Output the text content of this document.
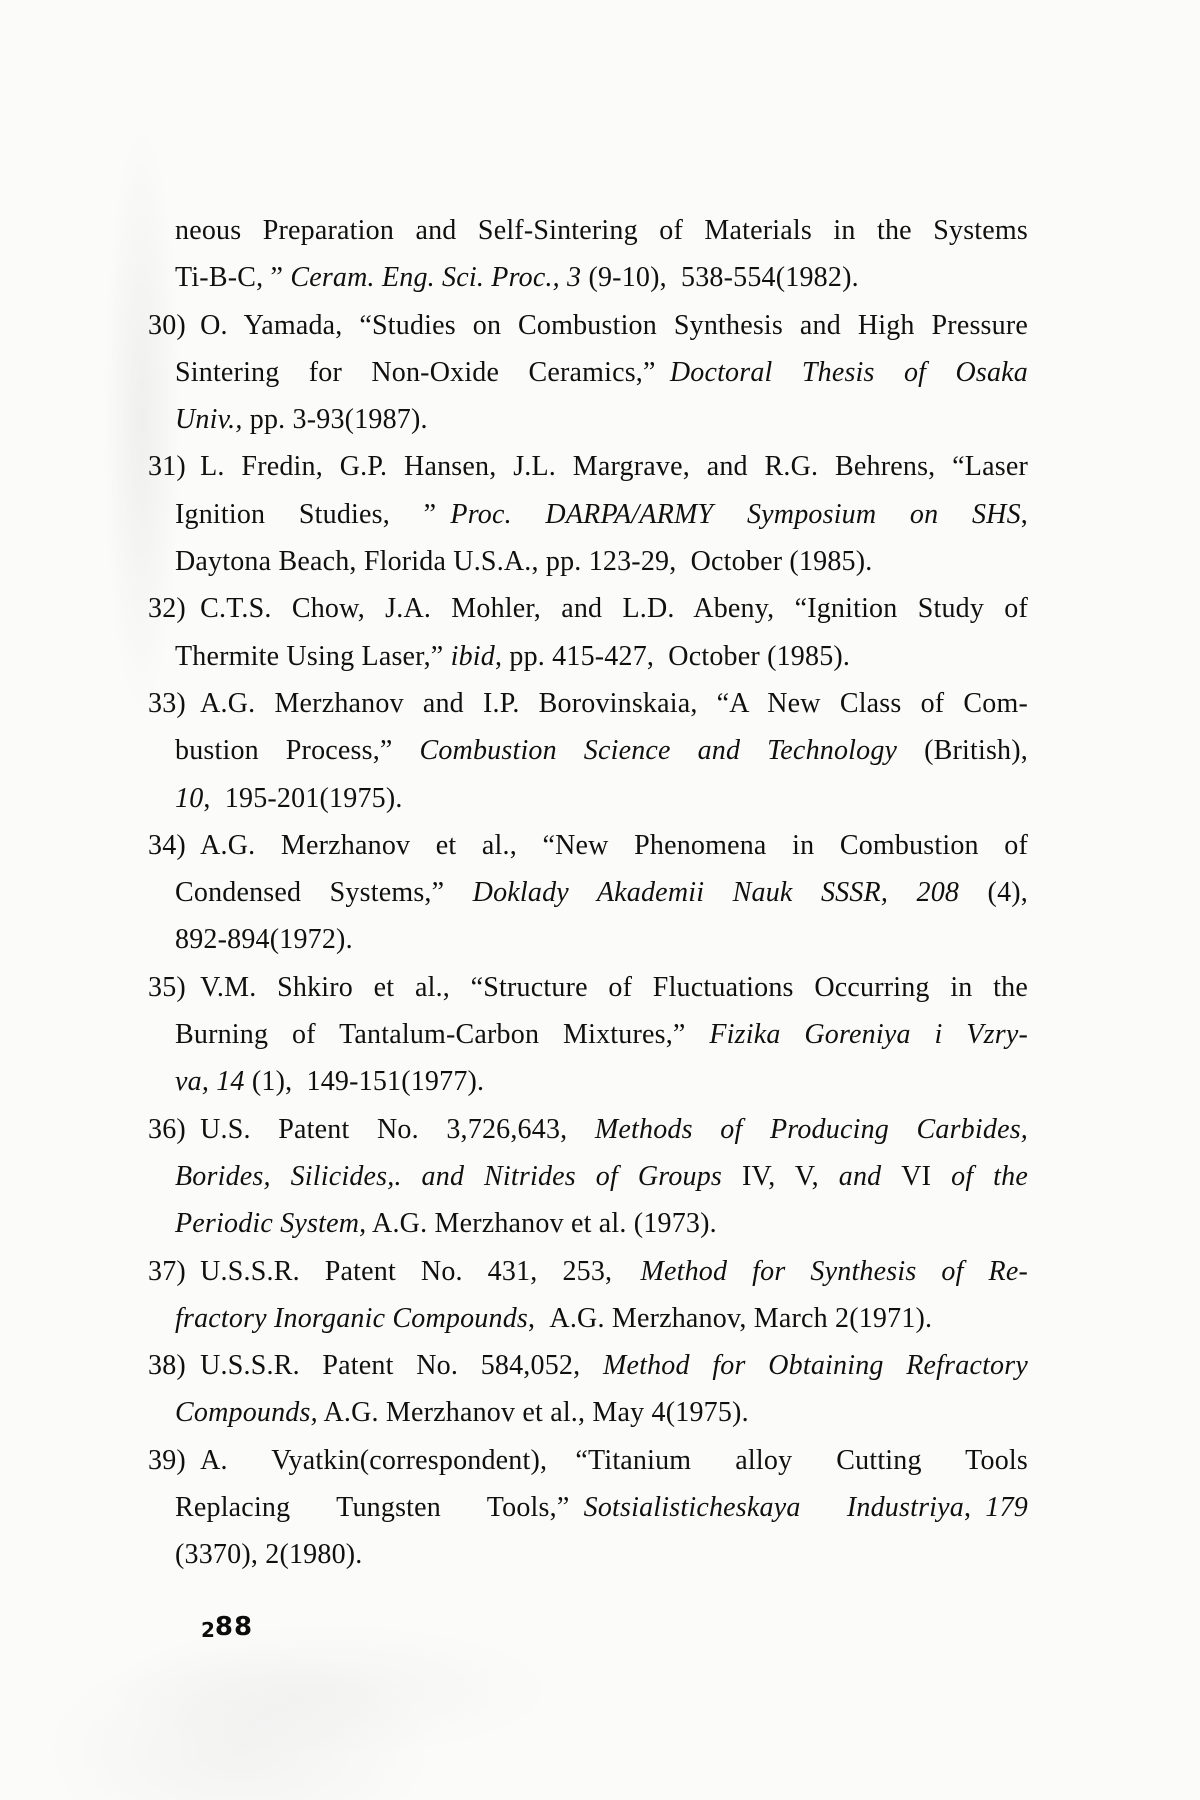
neous Preparation and Self-Sintering of Materials in the Systems
Ti-B-C, ” Ceram. Eng. Sci. Proc., 3 (9-10), 538-554(1982).
30) O. Yamada, “Studies on Combustion Synthesis and High Pressure
Sintering for Non-Oxide Ceramics,” Doctoral Thesis of Osaka
Univ., pp. 3-93(1987).
31) L. Fredin, G.P. Hansen, J.L. Margrave, and R.G. Behrens, “Laser
Ignition Studies, ” Proc. DARPA/ARMY Symposium on SHS,
Daytona Beach, Florida U.S.A., pp. 123-29, October (1985).
32) C.T.S. Chow, J.A. Mohler, and L.D. Abeny, “Ignition Study of
Thermite Using Laser,” ibid, pp. 415-427, October (1985).
33) A.G. Merzhanov and I.P. Borovinskaia, “A New Class of Com-
bustion Process,” Combustion Science and Technology (British),
10, 195-201(1975).
34) A.G. Merzhanov et al., “New Phenomena in Combustion of
Condensed Systems,” Doklady Akademii Nauk SSSR, 208 (4),
892-894(1972).
35) V.M. Shkiro et al., “Structure of Fluctuations Occurring in the
Burning of Tantalum-Carbon Mixtures,” Fizika Goreniya i Vzry-
va, 14 (1), 149-151(1977).
36) U.S. Patent No. 3,726,643, Methods of Producing Carbides,
Borides, Silicides,. and Nitrides of Groups IV, V, and VI of the
Periodic System, A.G. Merzhanov et al. (1973).
37) U.S.S.R. Patent No. 431, 253, Method for Synthesis of Re-
fractory Inorganic Compounds, A.G. Merzhanov, March 2(1971).
38) U.S.S.R. Patent No. 584,052, Method for Obtaining Refractory
Compounds, A.G. Merzhanov et al., May 4(1975).
39) A. Vyatkin(correspondent), “Titanium alloy Cutting Tools
Replacing Tungsten Tools,” Sotsialisticheskaya Industriya, 179
(3370), 2(1980).
288
